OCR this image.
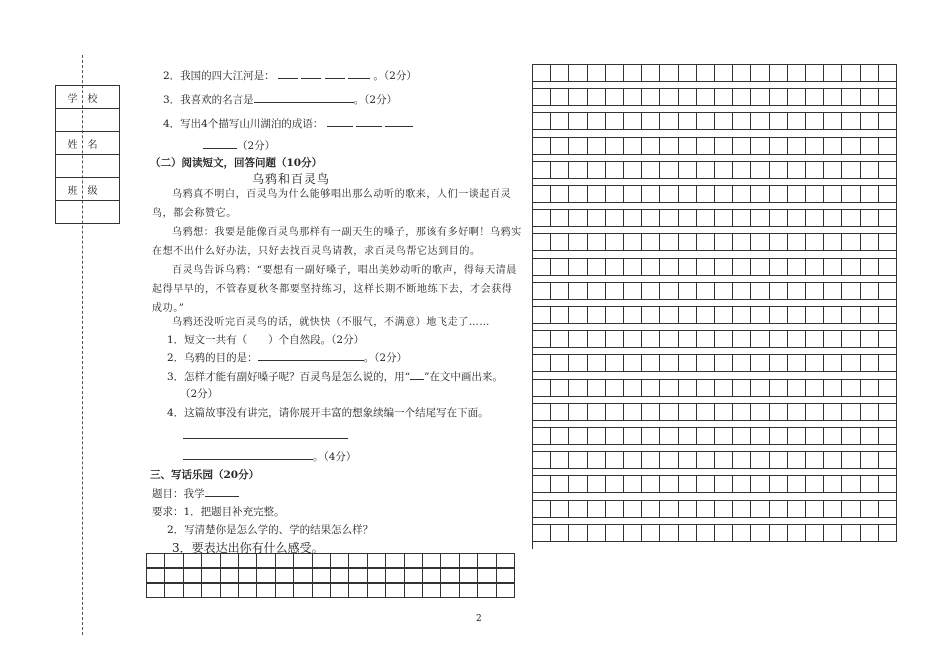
学校

姓名

班级

2．我国的四大江河是：	。（2分）
3．我喜欢的名言是	。（2分）
4．写出4个描写山川湖泊的成语：
（2分）
（二）阅读短文，回答问题（10分）
乌鸦和百灵鸟
乌鸦真不明白，百灵鸟为什么能够唱出那么动听的歌来，人们一谈起百灵鸟，都会称赞它。
乌鸦想：我要是能像百灵鸟那样有一副天生的嗓子，那该有多好啊！乌鸦实在想不出什么好办法，只好去找百灵鸟请教，求百灵鸟帮它达到目的。
百灵鸟告诉乌鸦：“要想有一副好嗓子，唱出美妙动听的歌声，得每天清晨起得早早的，不管春夏秋冬都要坚持练习，这样长期不断地练下去，才会获得成功。”
乌鸦还没听完百灵鸟的话，就快快（不服气，不满意）地飞走了……
1．短文一共有（　　）个自然段。（2分）
2．乌鸦的目的是：	。（2分）
3．怎样才能有副好嗓子呢？百灵鸟是怎么说的，用“ ”在文中画出来。
（2分）
4．这篇故事没有讲完，请你展开丰富的想象续编一个结尾写在下面。
。（4分）
三、写话乐园（20分）
题目：我学
要求：1．把题目补充完整。
2．写清楚你是怎么学的、学的结果怎么样？
3．要表达出你有什么感受。
2
